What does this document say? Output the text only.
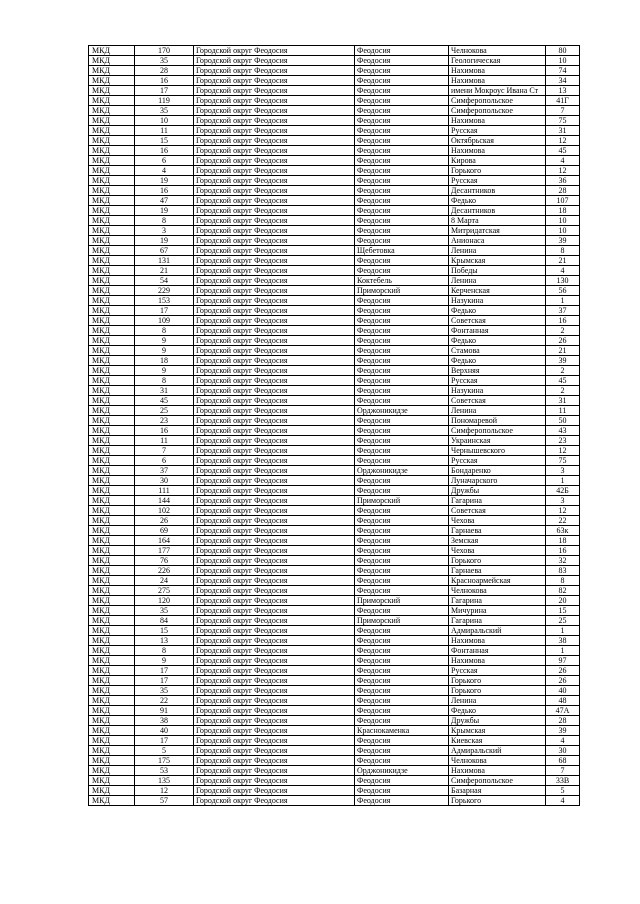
МКД	170	Городской округ Феодосия	Феодосия	Челнокова	80
МКД	35	Городской округ Феодосия	Феодосия	Геологическая	10
МКД	28	Городской округ Феодосия	Феодосия	Нахимова	74
МКД	16	Городской округ Феодосия	Феодосия	Нахимова	34
МКД	17	Городской округ Феодосия	Феодосия	имени Мокроус Ивана Ст	13
МКД	119	Городской округ Феодосия	Феодосия	Симферопольское	41Г
МКД	35	Городской округ Феодосия	Феодосия	Симферопольское	7
МКД	10	Городской округ Феодосия	Феодосия	Нахимова	75
МКД	11	Городской округ Феодосия	Феодосия	Русская	31
МКД	15	Городской округ Феодосия	Феодосия	Октябрьская	12
МКД	16	Городской округ Феодосия	Феодосия	Нахимова	45
МКД	6	Городской округ Феодосия	Феодосия	Кирова	4
МКД	4	Городской округ Феодосия	Феодосия	Горького	12
МКД	19	Городской округ Феодосия	Феодосия	Русская	36
МКД	16	Городской округ Феодосия	Феодосия	Десантников	28
МКД	47	Городской округ Феодосия	Феодосия	Федько	107
МКД	19	Городской округ Феодосия	Феодосия	Десантников	18
МКД	8	Городской округ Феодосия	Феодосия	8 Марта	10
МКД	3	Городской округ Феодосия	Феодосия	Митридатская	10
МКД	19	Городской округ Феодосия	Феодосия	Анионаса	39
МКД	67	Городской округ Феодосия	Щебетовка	Ленина	8
МКД	131	Городской округ Феодосия	Феодосия	Крымская	21
МКД	21	Городской округ Феодосия	Феодосия	Победы	4
МКД	54	Городской округ Феодосия	Коктебель	Ленина	130
МКД	229	Городской округ Феодосия	Приморский	Керченская	56
МКД	153	Городской округ Феодосия	Феодосия	Назукина	1
МКД	17	Городской округ Феодосия	Феодосия	Федько	37
МКД	109	Городской округ Феодосия	Феодосия	Советская	16
МКД	8	Городской округ Феодосия	Феодосия	Фонтанная	2
МКД	9	Городской округ Феодосия	Феодосия	Федько	26
МКД	9	Городской округ Феодосия	Феодосия	Стамова	21
МКД	18	Городской округ Феодосия	Феодосия	Федько	39
МКД	9	Городской округ Феодосия	Феодосия	Верхняя	2
МКД	8	Городской округ Феодосия	Феодосия	Русская	45
МКД	31	Городской округ Феодосия	Феодосия	Назукина	2
МКД	45	Городской округ Феодосия	Феодосия	Советская	31
МКД	25	Городской округ Феодосия	Орджоникидзе	Ленина	11
МКД	23	Городской округ Феодосия	Феодосия	Пономаревой	50
МКД	16	Городской округ Феодосия	Феодосия	Симферопольское	43
МКД	11	Городской округ Феодосия	Феодосия	Украинская	23
МКД	7	Городской округ Феодосия	Феодосия	Чернышевского	12
МКД	6	Городской округ Феодосия	Феодосия	Русская	75
МКД	37	Городской округ Феодосия	Орджоникидзе	Бондаренко	3
МКД	30	Городской округ Феодосия	Феодосия	Луначарского	1
МКД	111	Городской округ Феодосия	Феодосия	Дружбы	42Б
МКД	144	Городской округ Феодосия	Приморский	Гагарина	3
МКД	102	Городской округ Феодосия	Феодосия	Советская	12
МКД	26	Городской округ Феодосия	Феодосия	Чехова	22
МКД	69	Городской округ Феодосия	Феодосия	Гарнаева	63к
МКД	164	Городской округ Феодосия	Феодосия	Земская	18
МКД	177	Городской округ Феодосия	Феодосия	Чехова	16
МКД	76	Городской округ Феодосия	Феодосия	Горького	32
МКД	226	Городской округ Феодосия	Феодосия	Гарнаева	83
МКД	24	Городской округ Феодосия	Феодосия	Красноармейская	8
МКД	275	Городской округ Феодосия	Феодосия	Челнокова	82
МКД	120	Городской округ Феодосия	Приморский	Гагарина	20
МКД	35	Городской округ Феодосия	Феодосия	Мичурина	15
МКД	84	Городской округ Феодосия	Приморский	Гагарина	25
МКД	15	Городской округ Феодосия	Феодосия	Адмиральский	1
МКД	13	Городской округ Феодосия	Феодосия	Нахимова	38
МКД	8	Городской округ Феодосия	Феодосия	Фонтанная	1
МКД	9	Городской округ Феодосия	Феодосия	Нахимова	97
МКД	17	Городской округ Феодосия	Феодосия	Русская	26
МКД	17	Городской округ Феодосия	Феодосия	Горького	26
МКД	35	Городской округ Феодосия	Феодосия	Горького	40
МКД	22	Городской округ Феодосия	Феодосия	Ленина	48
МКД	91	Городской округ Феодосия	Феодосия	Федько	47А
МКД	38	Городской округ Феодосия	Феодосия	Дружбы	28
МКД	40	Городской округ Феодосия	Краснокаменка	Крымская	39
МКД	17	Городской округ Феодосия	Феодосия	Киевская	4
МКД	5	Городской округ Феодосия	Феодосия	Адмиральский	30
МКД	175	Городской округ Феодосия	Феодосия	Челнокова	68
МКД	53	Городской округ Феодосия	Орджоникидзе	Нахимова	7
МКД	135	Городской округ Феодосия	Феодосия	Симферопольское	33В
МКД	12	Городской округ Феодосия	Феодосия	Базарная	5
МКД	57	Городской округ Феодосия	Феодосия	Горького	4
